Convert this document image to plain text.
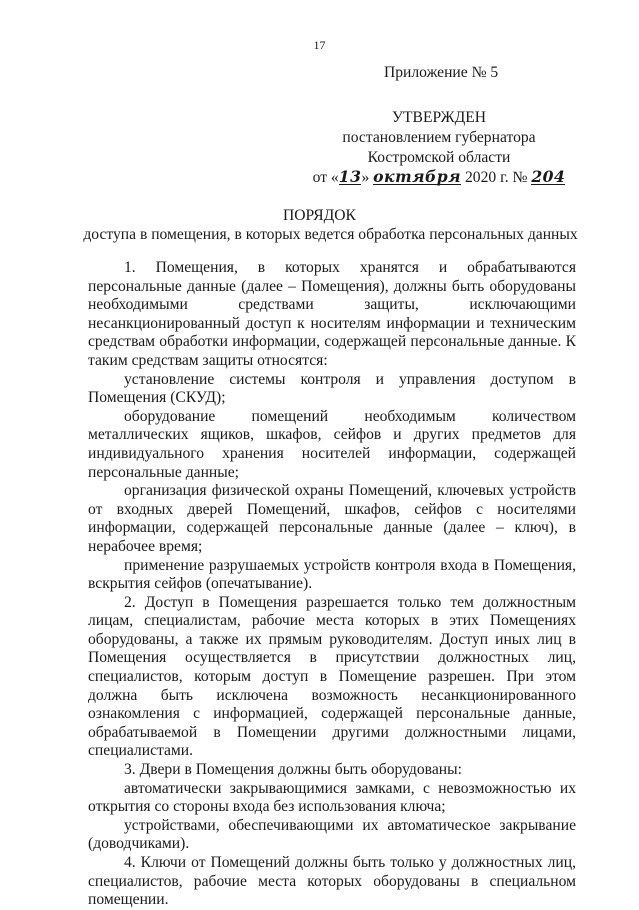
17
Приложение № 5
УТВЕРЖДЕН
постановлением губернатора
Костромской области
от «13» октября 2020 г. № 204
ПОРЯДОК
доступа в помещения, в которых ведется обработка персональных данных

1. Помещения, в которых хранятся и обрабатываются персональные данные (далее – Помещения), должны быть оборудованы необходимыми средствами защиты, исключающими несанкционированный доступ к носителям информации и техническим средствам обработки информации, содержащей персональные данные. К таким средствам защиты относятся:

установление системы контроля и управления доступом в Помещения (СКУД);

оборудование помещений необходимым количеством металлических ящиков, шкафов, сейфов и других предметов для индивидуального хранения носителей информации, содержащей персональные данные;

организация физической охраны Помещений, ключевых устройств от входных дверей Помещений, шкафов, сейфов с носителями информации, содержащей персональные данные (далее – ключ), в нерабочее время;

применение разрушаемых устройств контроля входа в Помещения, вскрытия сейфов (опечатывание).

2. Доступ в Помещения разрешается только тем должностным лицам, специалистам, рабочие места которых в этих Помещениях оборудованы, а также их прямым руководителям. Доступ иных лиц в Помещения осуществляется в присутствии должностных лиц, специалистов, которым доступ в Помещение разрешен. При этом должна быть исключена возможность несанкционированного ознакомления с информацией, содержащей персональные данные, обрабатываемой в Помещении другими должностными лицами, специалистами.

3. Двери в Помещения должны быть оборудованы:

автоматически закрывающимися замками, с невозможностью их открытия со стороны входа без использования ключа;

устройствами, обеспечивающими их автоматическое закрывание (доводчиками).

4. Ключи от Помещений должны быть только у должностных лиц, специалистов, рабочие места которых оборудованы в специальном помещении.
